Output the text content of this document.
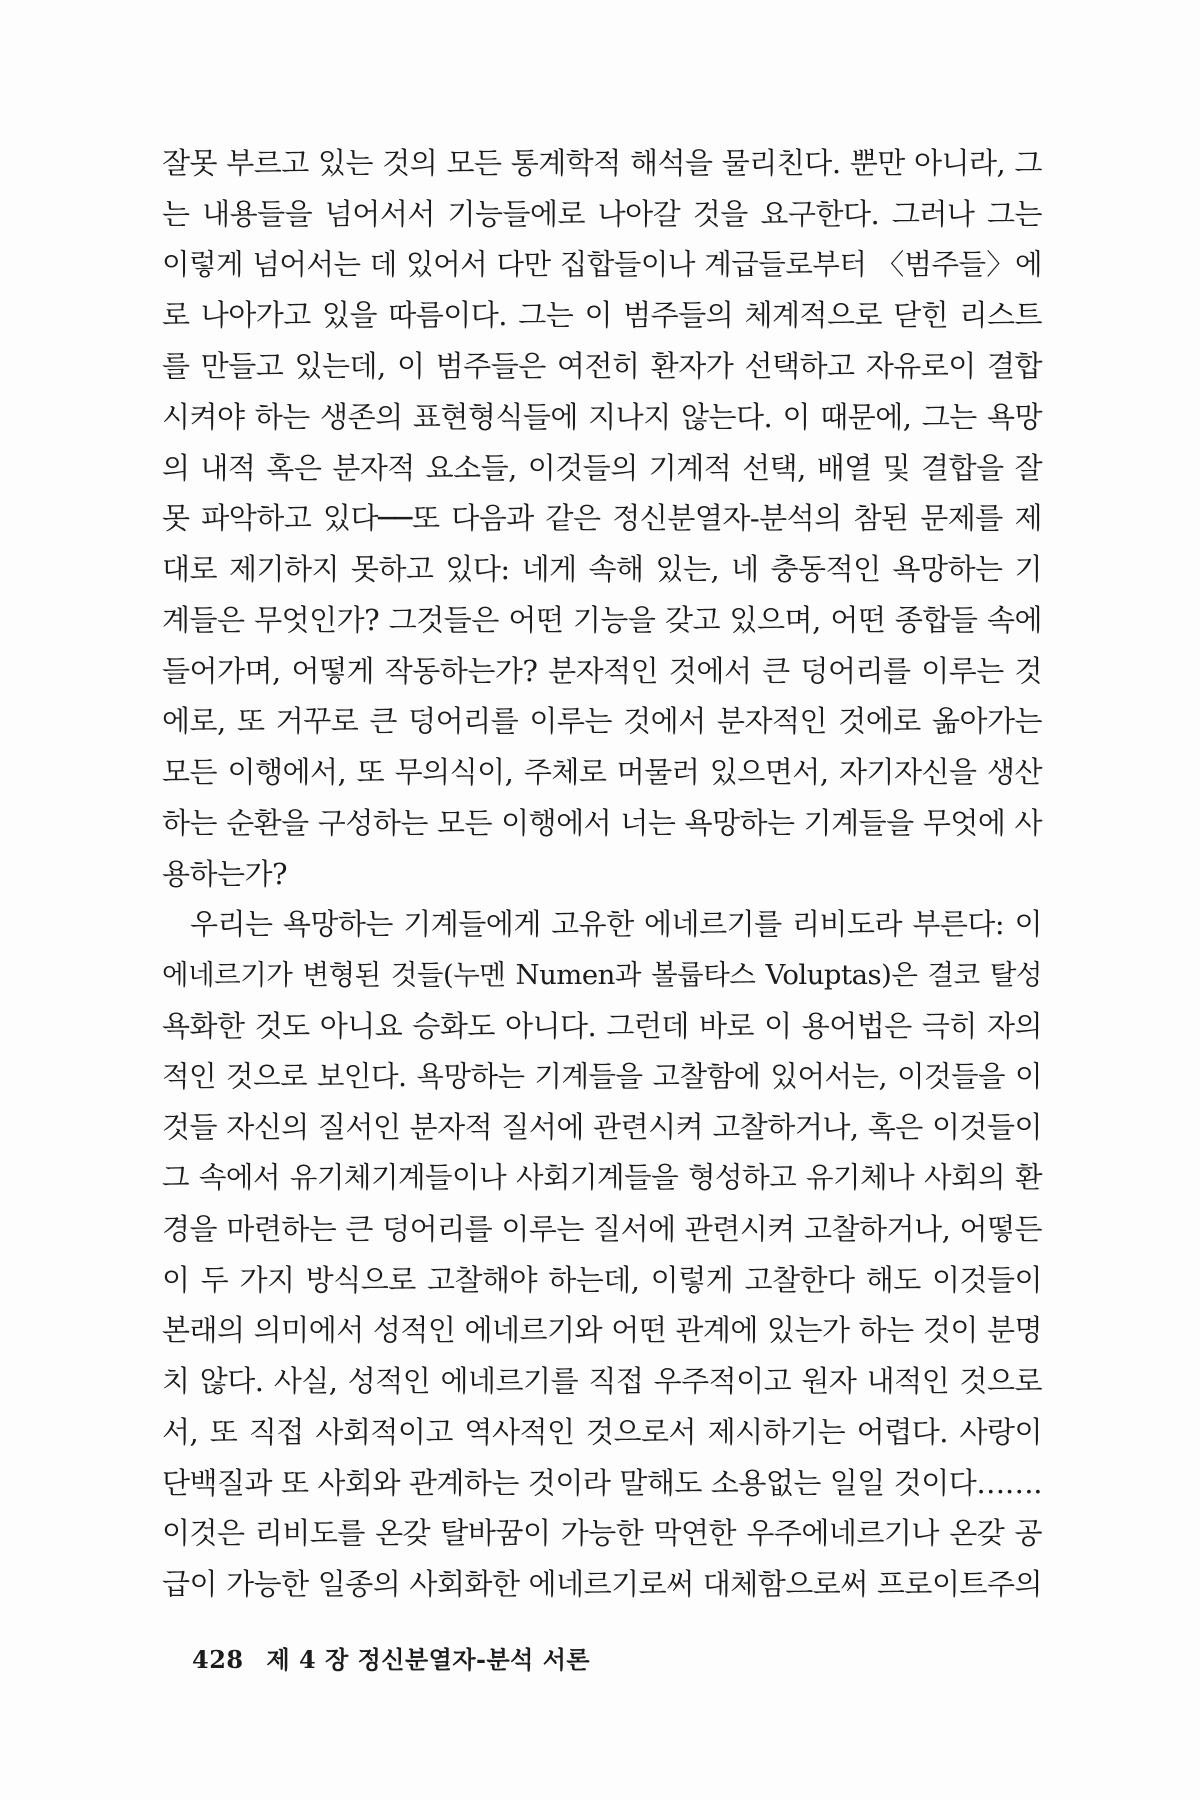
잘못 부르고 있는 것의 모든 통계학적 해석을 물리친다. 뿐만 아니라, 그
는 내용들을 넘어서서 기능들에로 나아갈 것을 요구한다. 그러나 그는
이렇게 넘어서는 데 있어서 다만 집합들이나 계급들로부터 〈범주들〉에
로 나아가고 있을 따름이다. 그는 이 범주들의 체계적으로 닫힌 리스트
를 만들고 있는데, 이 범주들은 여전히 환자가 선택하고 자유로이 결합
시켜야 하는 생존의 표현형식들에 지나지 않는다. 이 때문에, 그는 욕망
의 내적 혹은 분자적 요소들, 이것들의 기계적 선택, 배열 및 결합을 잘
못 파악하고 있다──또 다음과 같은 정신분열자-분석의 참된 문제를 제
대로 제기하지 못하고 있다: 네게 속해 있는, 네 충동적인 욕망하는 기
계들은 무엇인가? 그것들은 어떤 기능을 갖고 있으며, 어떤 종합들 속에
들어가며, 어떻게 작동하는가? 분자적인 것에서 큰 덩어리를 이루는 것
에로, 또 거꾸로 큰 덩어리를 이루는 것에서 분자적인 것에로 옮아가는
모든 이행에서, 또 무의식이, 주체로 머물러 있으면서, 자기자신을 생산
하는 순환을 구성하는 모든 이행에서 너는 욕망하는 기계들을 무엇에 사
용하는가?
우리는 욕망하는 기계들에게 고유한 에네르기를 리비도라 부른다: 이
에네르기가 변형된 것들(누멘 Numen과 볼룹타스 Voluptas)은 결코 탈성
욕화한 것도 아니요 승화도 아니다. 그런데 바로 이 용어법은 극히 자의
적인 것으로 보인다. 욕망하는 기계들을 고찰함에 있어서는, 이것들을 이
것들 자신의 질서인 분자적 질서에 관련시켜 고찰하거나, 혹은 이것들이
그 속에서 유기체기계들이나 사회기계들을 형성하고 유기체나 사회의 환
경을 마련하는 큰 덩어리를 이루는 질서에 관련시켜 고찰하거나, 어떻든
이 두 가지 방식으로 고찰해야 하는데, 이렇게 고찰한다 해도 이것들이
본래의 의미에서 성적인 에네르기와 어떤 관계에 있는가 하는 것이 분명
치 않다. 사실, 성적인 에네르기를 직접 우주적이고 원자 내적인 것으로
서, 또 직접 사회적이고 역사적인 것으로서 제시하기는 어렵다. 사랑이
단백질과 또 사회와 관계하는 것이라 말해도 소용없는 일일 것이다…….
이것은 리비도를 온갖 탈바꿈이 가능한 막연한 우주에네르기나 온갖 공
급이 가능한 일종의 사회화한 에네르기로써 대체함으로써 프로이트주의
428 제 4 장 정신분열자-분석 서론
